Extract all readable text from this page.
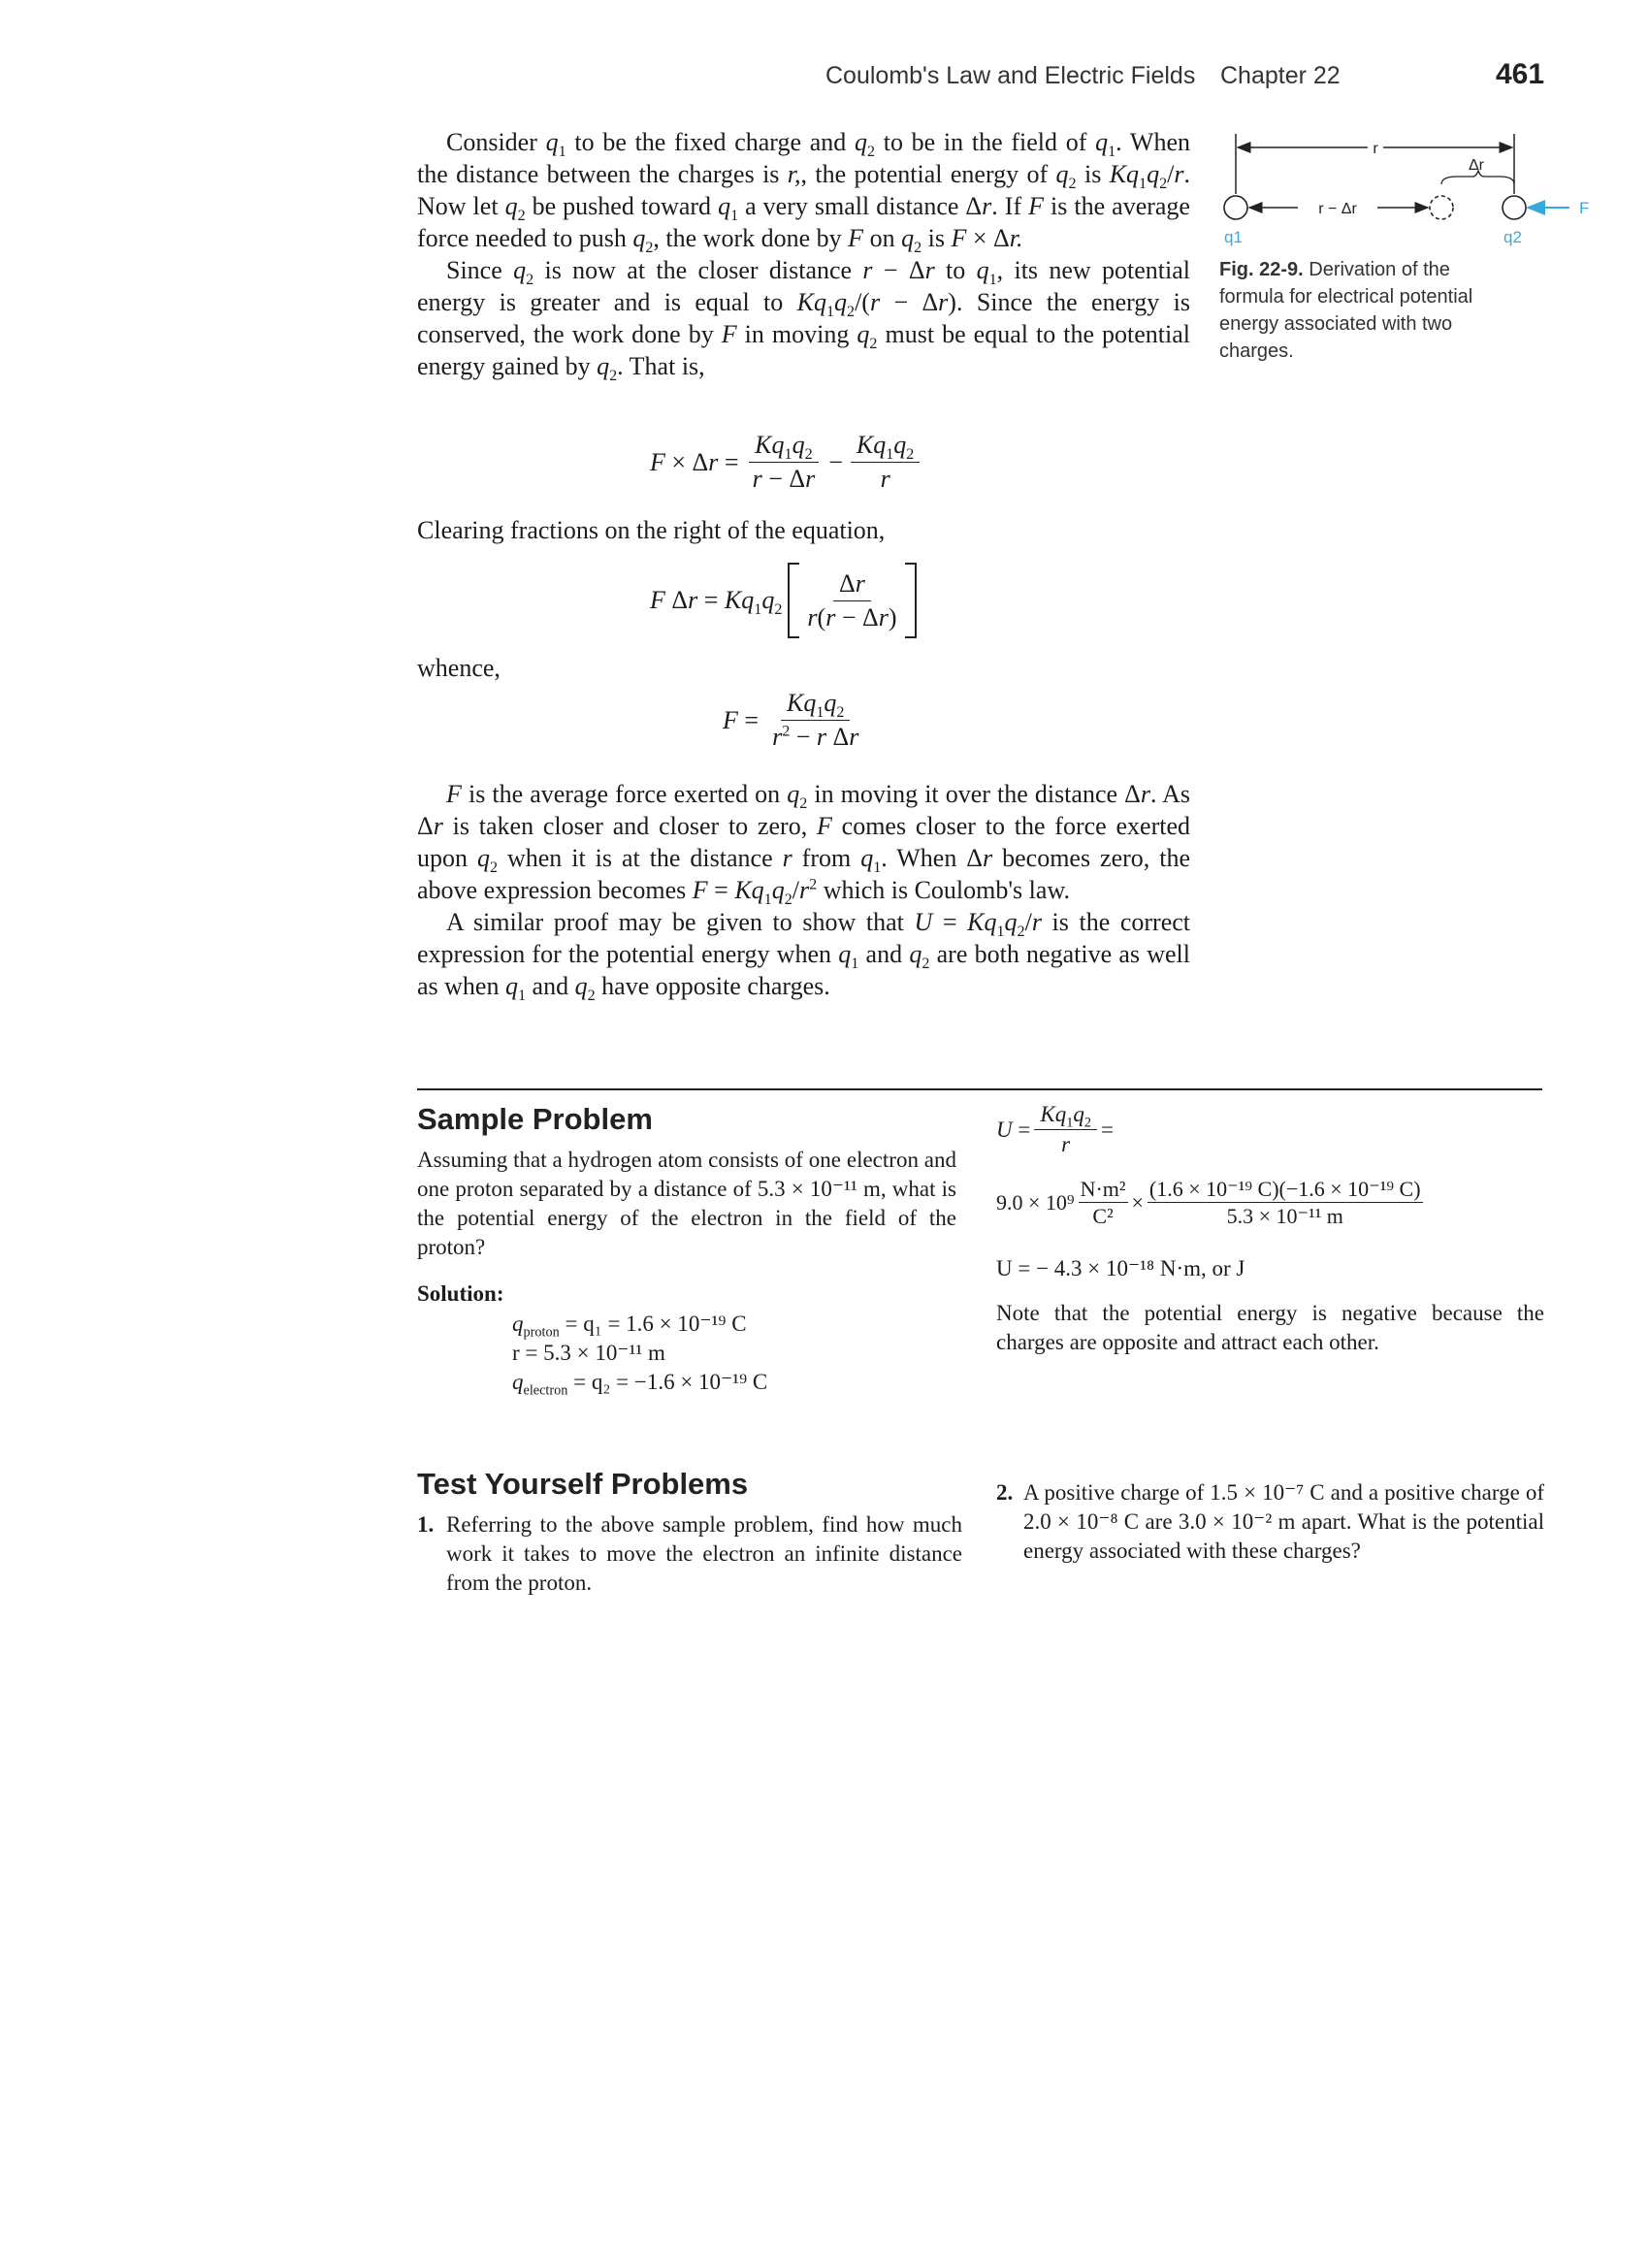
Coulomb's Law and Electric Fields Chapter 22	461

Consider $q_1$ to be the fixed charge and $q_2$ to be in the field of $q_1$. When the distance between the charges is r,, the potential energy of $q_2$ is $Kq_1q_2/r$. Now let $q_2$ be pushed toward $q_1$ a very small distance Δr. If F is the average force needed to push $q_2$, the work done by F on $q_2$ is F × Δr.

Since $q_2$ is now at the closer distance r − Δr to $q_1$, its new potential energy is greater and is equal to $Kq_1q_2/(r - \Delta r)$. Since the energy is conserved, the work done by F in moving $q_2$ must be equal to the potential energy gained by $q_2$. That is,

$F \times \Delta r = \frac{Kq_1q_2}{r - \Delta r} - \frac{Kq_1q_2}{r}$

Clearing fractions on the right of the equation,

F $\Delta r = Kq_1q_2 \frac{\Delta r}{r(r - \Delta r)}$

whence,

$F = \frac{Kq_1q_2}{r^2 - r \Delta r}$

F is the average force exerted on $q_2$ in moving it over the distance Δr. As Δr is taken closer and closer to zero, F comes closer to the force exerted upon $q_2$ when it is at the distance r from $q_1$. When Δr becomes zero, the above expression becomes $F = Kq_1q_2/r^2$ which is Coulomb's law.

A similar proof may be given to show that $U = Kq_1q_2/r$ is the correct expression for the potential energy when $q_1$ and $q_2$ are both negative as well as when $q_1$ and $q_2$ have opposite charges.

r
Δr
r − Δr	F
q1	q2
Fig. 22-9. Derivation of the formula for electrical potential energy associated with two charges.
Sample Problem
Assuming that a hydrogen atom consists of one electron and one proton separated by a distance of 5.3 × 10⁻¹¹ m, what is the potential energy of the electron in the field of the proton?
Solution:
$q_{proton} = q_1 = 1.6 \times 10^{-19}$ C
r = 5.3 × 10⁻¹¹ m
$q_{electron} = q_2 = -1.6 \times 10^{-19}$ C
$U = \frac{Kq_1q_2}{r}$ =
$9.0 \times 10^9 \frac{\text{N·m²}}{\text{C²}} \times \frac{\text{(1.6 × 10⁻¹⁹ C)(−1.6 × 10⁻¹⁹ C)}}{\text{5.3 × 10⁻¹¹ m}}$
U = − 4.3 × 10⁻¹⁸ N·m, or J
Note that the potential energy is negative because the charges are opposite and attract each other.
Test Yourself Problems
1. Referring to the above sample problem, find how much work it takes to move the electron an infinite distance from the proton.
2. A positive charge of 1.5 × 10⁻⁷ C and a positive charge of 2.0 × 10⁻⁸ C are 3.0 × 10⁻² m apart. What is the potential energy associated with these charges?
